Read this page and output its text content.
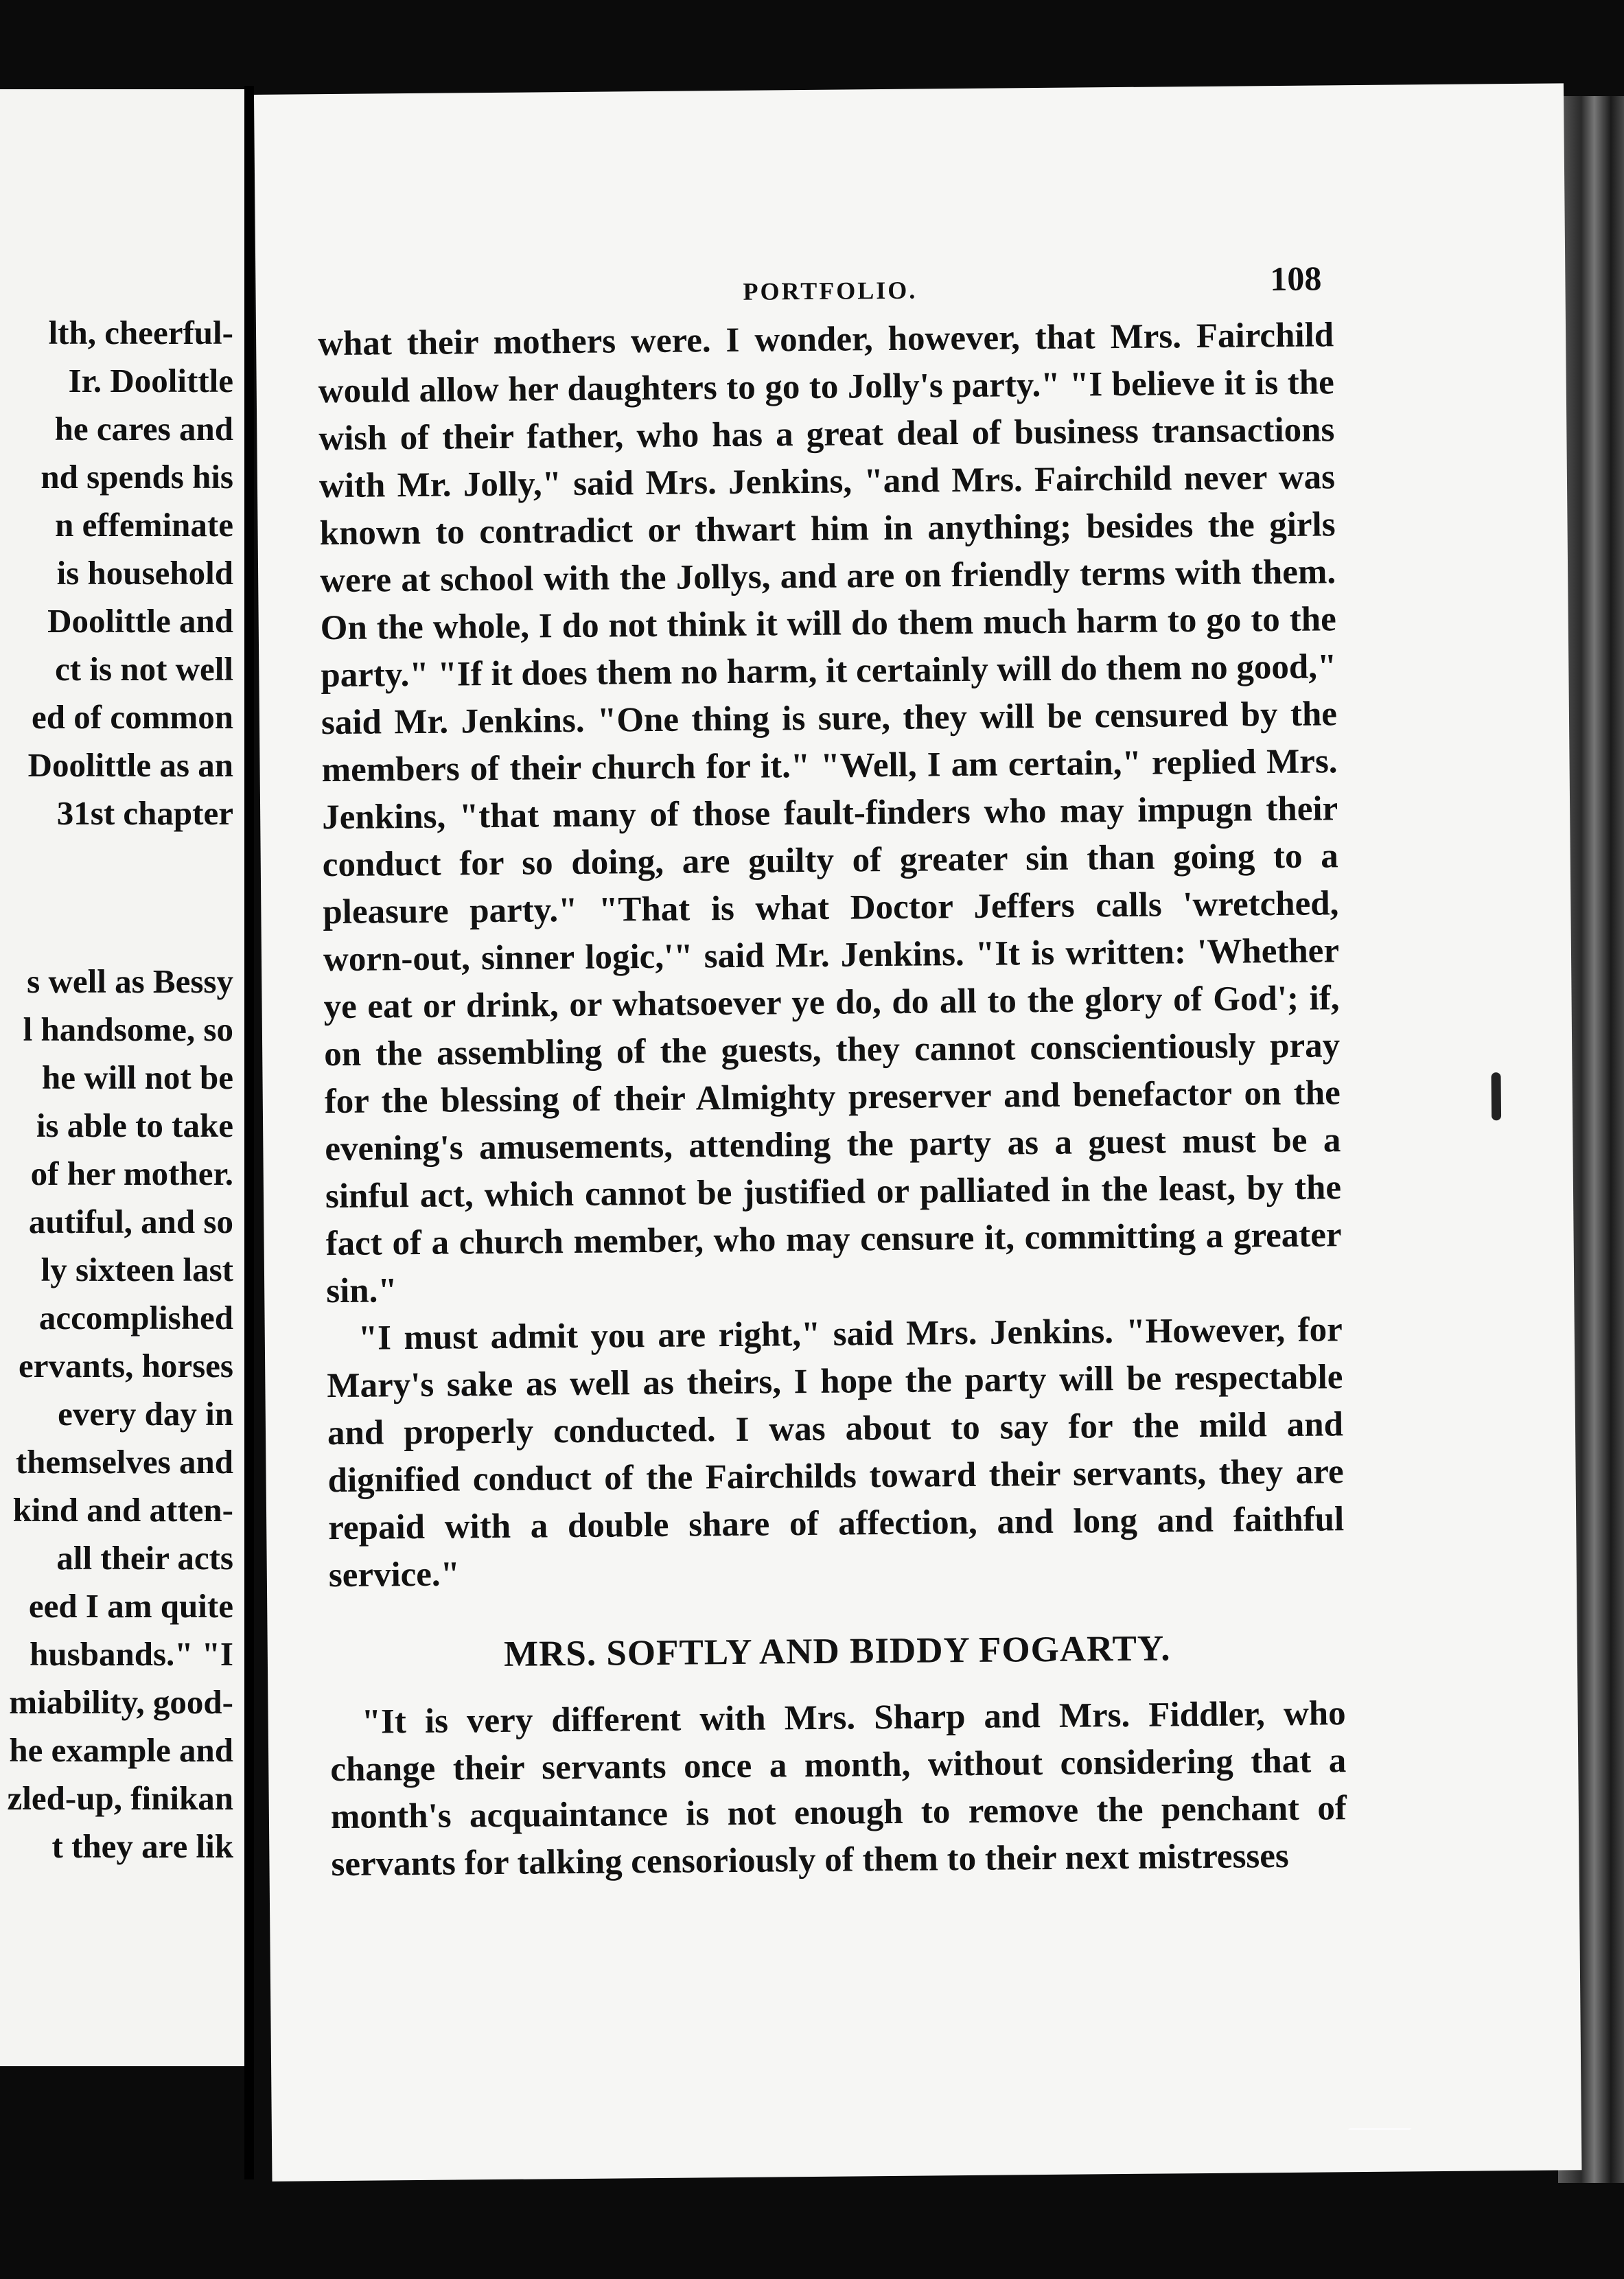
lth, cheerful-
Ir. Doolittle
he cares and
nd spends his
n effeminate
is household
Doolittle and
ct is not well
ed of common
Doolittle as an
31st chapter
s well as Bessy
l handsome, so
he will not be
is able to take
of her mother.
autiful, and so
ly sixteen last
accomplished
ervants, horses
every day in
themselves and
kind and atten-
all their acts
eed I am quite
husbands." "I
miability, good-
he example and
zled-up, finikan
t they are lik
PORTFOLIO.	108

what their mothers were. I wonder, however, that Mrs. Fairchild would allow her daughters to go to Jolly's party." "I believe it is the wish of their father, who has a great deal of business transactions with Mr. Jolly," said Mrs. Jenkins, "and Mrs. Fairchild never was known to contradict or thwart him in anything; besides the girls were at school with the Jollys, and are on friendly terms with them. On the whole, I do not think it will do them much harm to go to the party." "If it does them no harm, it certainly will do them no good," said Mr. Jenkins. "One thing is sure, they will be censured by the members of their church for it." "Well, I am certain," replied Mrs. Jenkins, "that many of those fault-finders who may impugn their conduct for so doing, are guilty of greater sin than going to a pleasure party." "That is what Doctor Jeffers calls 'wretched, worn-out, sinner logic,'" said Mr. Jenkins. "It is written: 'Whether ye eat or drink, or whatsoever ye do, do all to the glory of God'; if, on the assembling of the guests, they cannot conscientiously pray for the blessing of their Almighty preserver and benefactor on the evening's amusements, attending the party as a guest must be a sinful act, which cannot be justified or palliated in the least, by the fact of a church member, who may censure it, committing a greater sin."

"I must admit you are right," said Mrs. Jenkins. "However, for Mary's sake as well as theirs, I hope the party will be respectable and properly conducted. I was about to say for the mild and dignified conduct of the Fairchilds toward their servants, they are repaid with a double share of affection, and long and faithful service."

MRS. SOFTLY AND BIDDY FOGARTY.

"It is very different with Mrs. Sharp and Mrs. Fiddler, who change their servants once a month, without considering that a month's acquaintance is not enough to remove the penchant of servants for talking censoriously of them to their next mistresses
